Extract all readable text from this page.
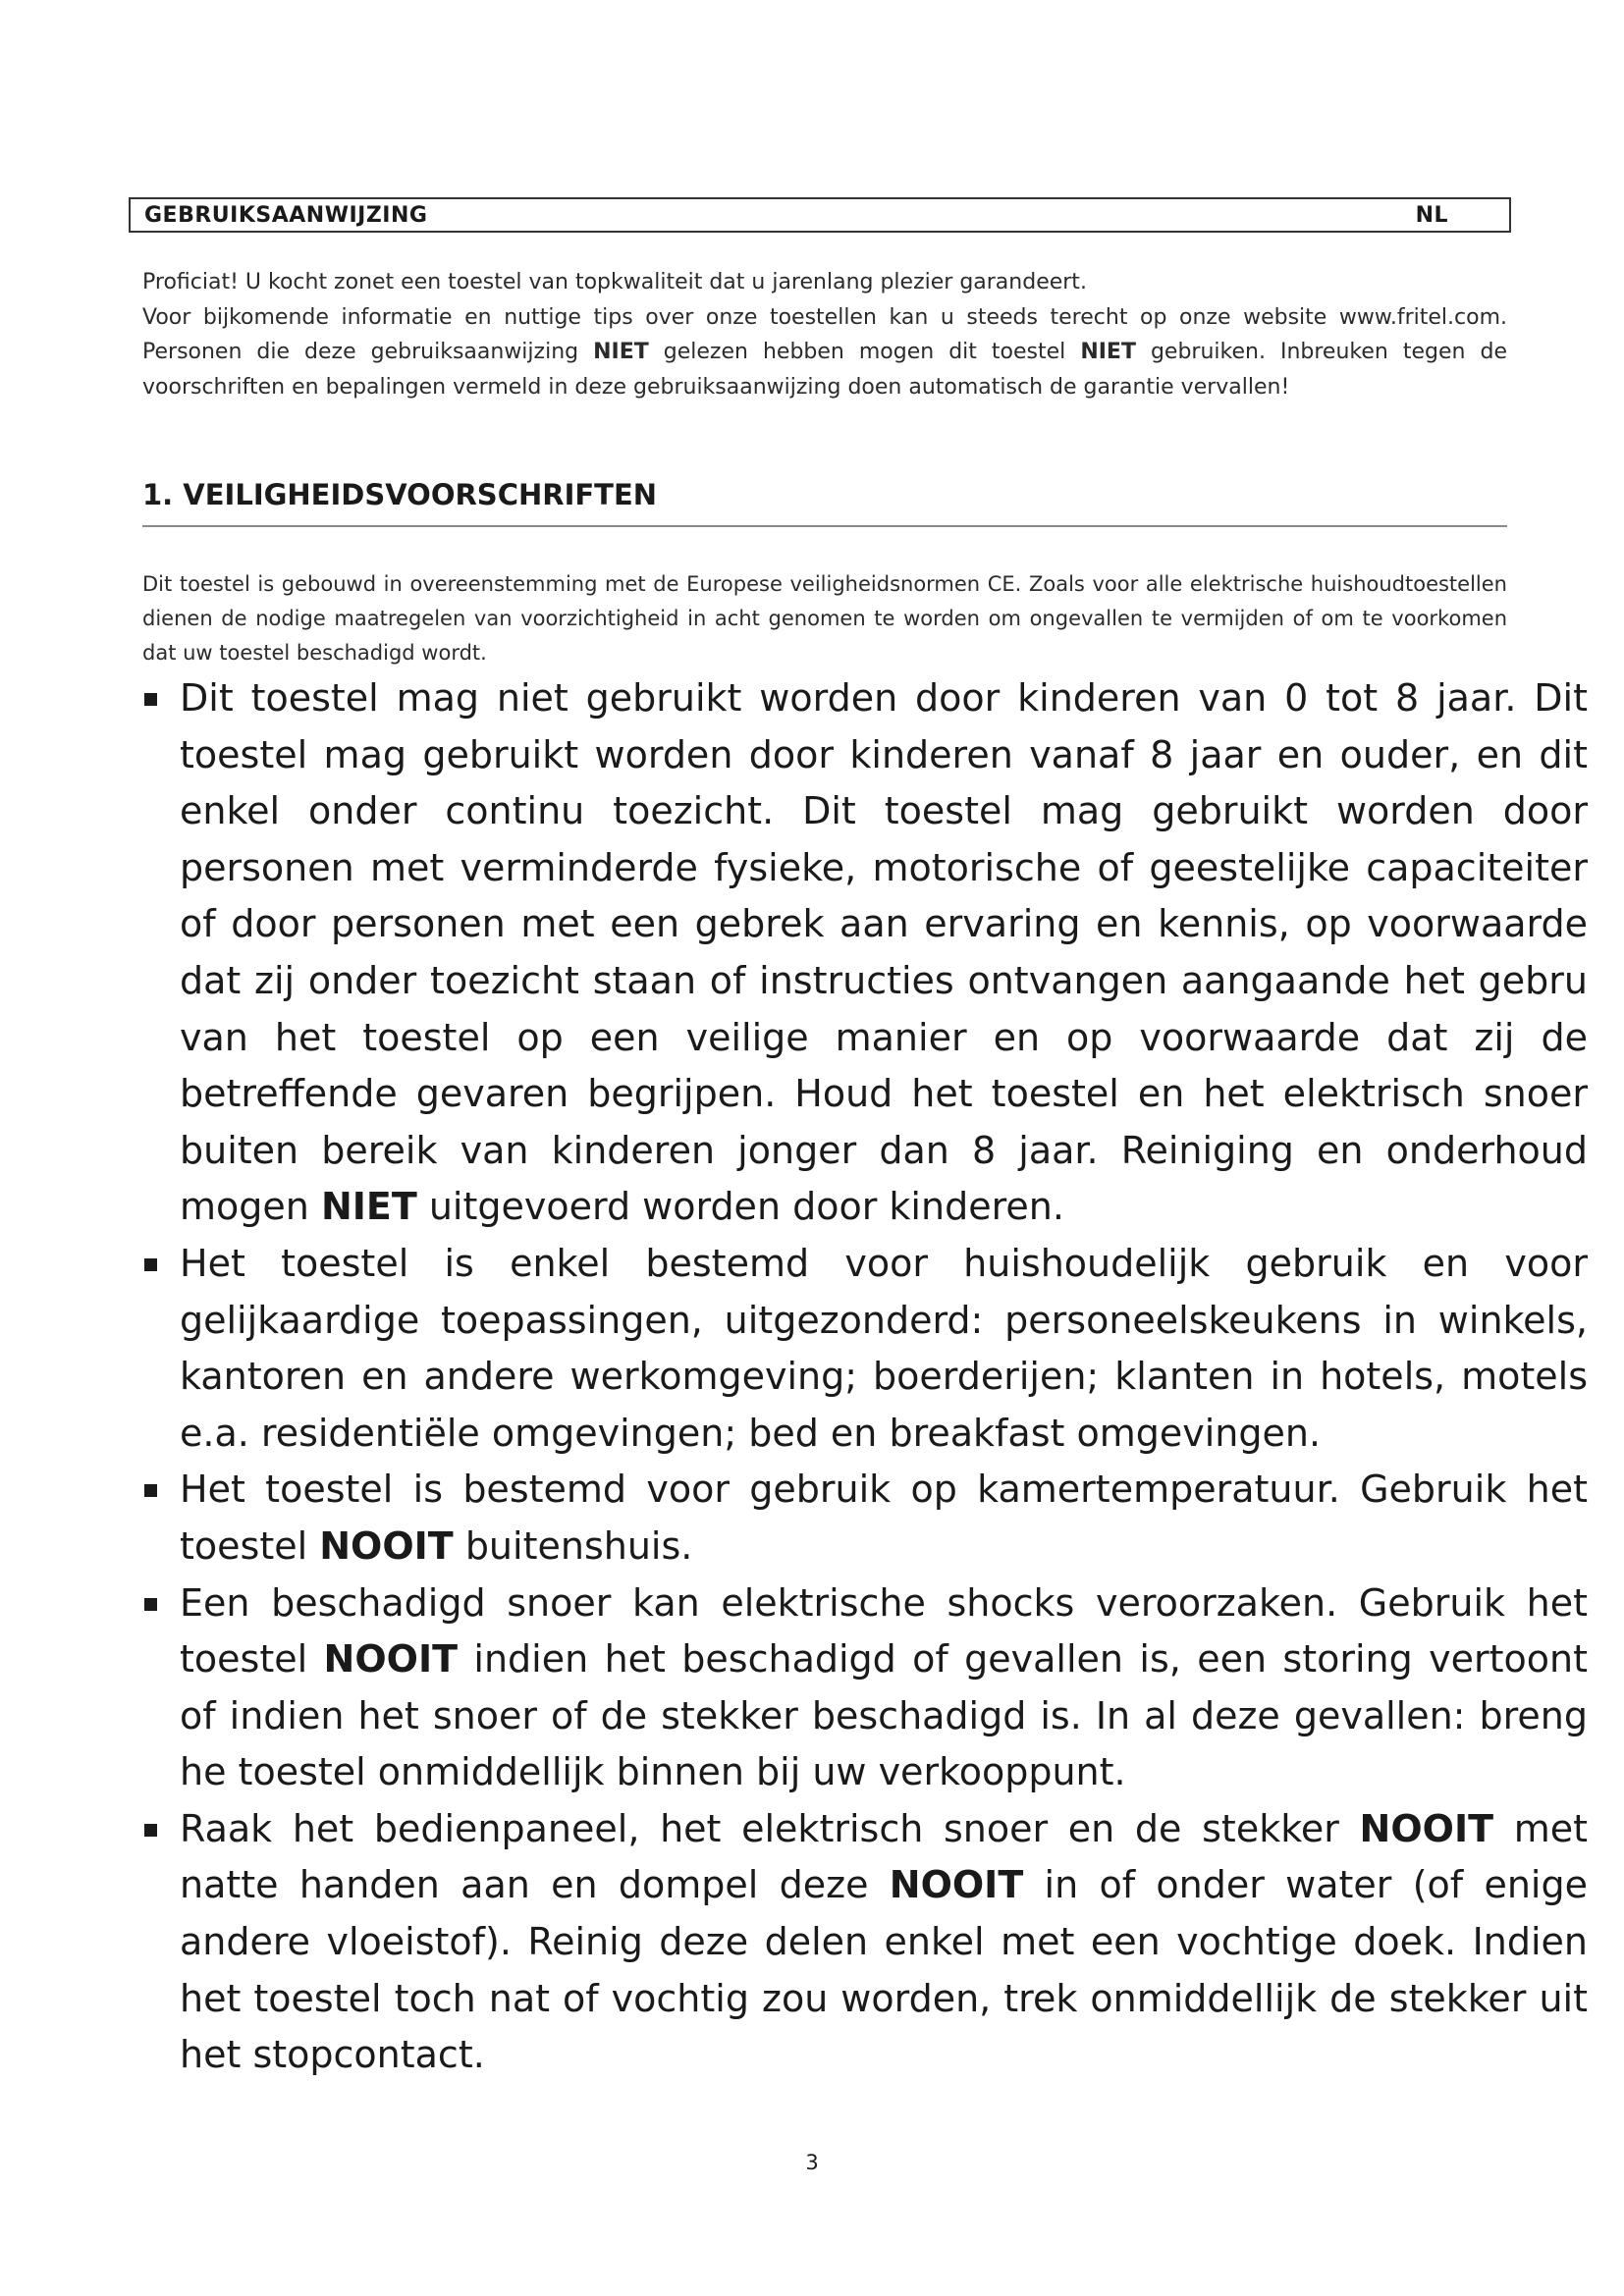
GEBRUIKSAANWIJZING	NL

Proficiat! U kocht zonet een toestel van topkwaliteit dat u jarenlang plezier garandeert.

Voor bijkomende informatie en nuttige tips over onze toestellen kan u steeds terecht op onze website www.fritel.com. Personen die deze gebruiksaanwijzing NIET gelezen hebben mogen dit toestel NIET gebruiken. Inbreuken tegen de voorschriften en bepalingen vermeld in deze gebruiksaanwijzing doen automatisch de garantie vervallen!

1. VEILIGHEIDSVOORSCHRIFTEN

Dit toestel is gebouwd in overeenstemming met de Europese veiligheidsnormen CE. Zoals voor alle elektrische huishoudtoestellen dienen de nodige maatregelen van voorzichtigheid in acht genomen te worden om ongevallen te vermijden of om te voorkomen dat uw toestel beschadigd wordt.

Dit toestel mag niet gebruikt worden door kinderen van 0 tot 8 jaar. Dit toestel mag gebruikt worden door kinderen vanaf 8 jaar en ouder, en dit enkel onder continu toezicht. Dit toestel mag gebruikt worden door personen met verminderde fysieke, motorische of geestelijke capaciteiter of door personen met een gebrek aan ervaring en kennis, op voorwaarde dat zij onder toezicht staan of instructies ontvangen aangaande het gebru van het toestel op een veilige manier en op voorwaarde dat zij de betreffende gevaren begrijpen. Houd het toestel en het elektrisch snoer buiten bereik van kinderen jonger dan 8 jaar. Reiniging en onderhoud mogen NIET uitgevoerd worden door kinderen.
Het toestel is enkel bestemd voor huishoudelijk gebruik en voor gelijkaardige toepassingen, uitgezonderd: personeelskeukens in winkels, kantoren en andere werkomgeving; boerderijen; klanten in hotels, motels e.a. residentiële omgevingen; bed en breakfast omgevingen.
Het toestel is bestemd voor gebruik op kamertemperatuur. Gebruik het toestel NOOIT buitenshuis.
Een beschadigd snoer kan elektrische shocks veroorzaken. Gebruik het toestel NOOIT indien het beschadigd of gevallen is, een storing vertoont of indien het snoer of de stekker beschadigd is. In al deze gevallen: breng he toestel onmiddellijk binnen bij uw verkooppunt.
Raak het bedienpaneel, het elektrisch snoer en de stekker NOOIT met natte handen aan en dompel deze NOOIT in of onder water (of enige andere vloeistof). Reinig deze delen enkel met een vochtige doek. Indien het toestel toch nat of vochtig zou worden, trek onmiddellijk de stekker uit het stopcontact.
3
